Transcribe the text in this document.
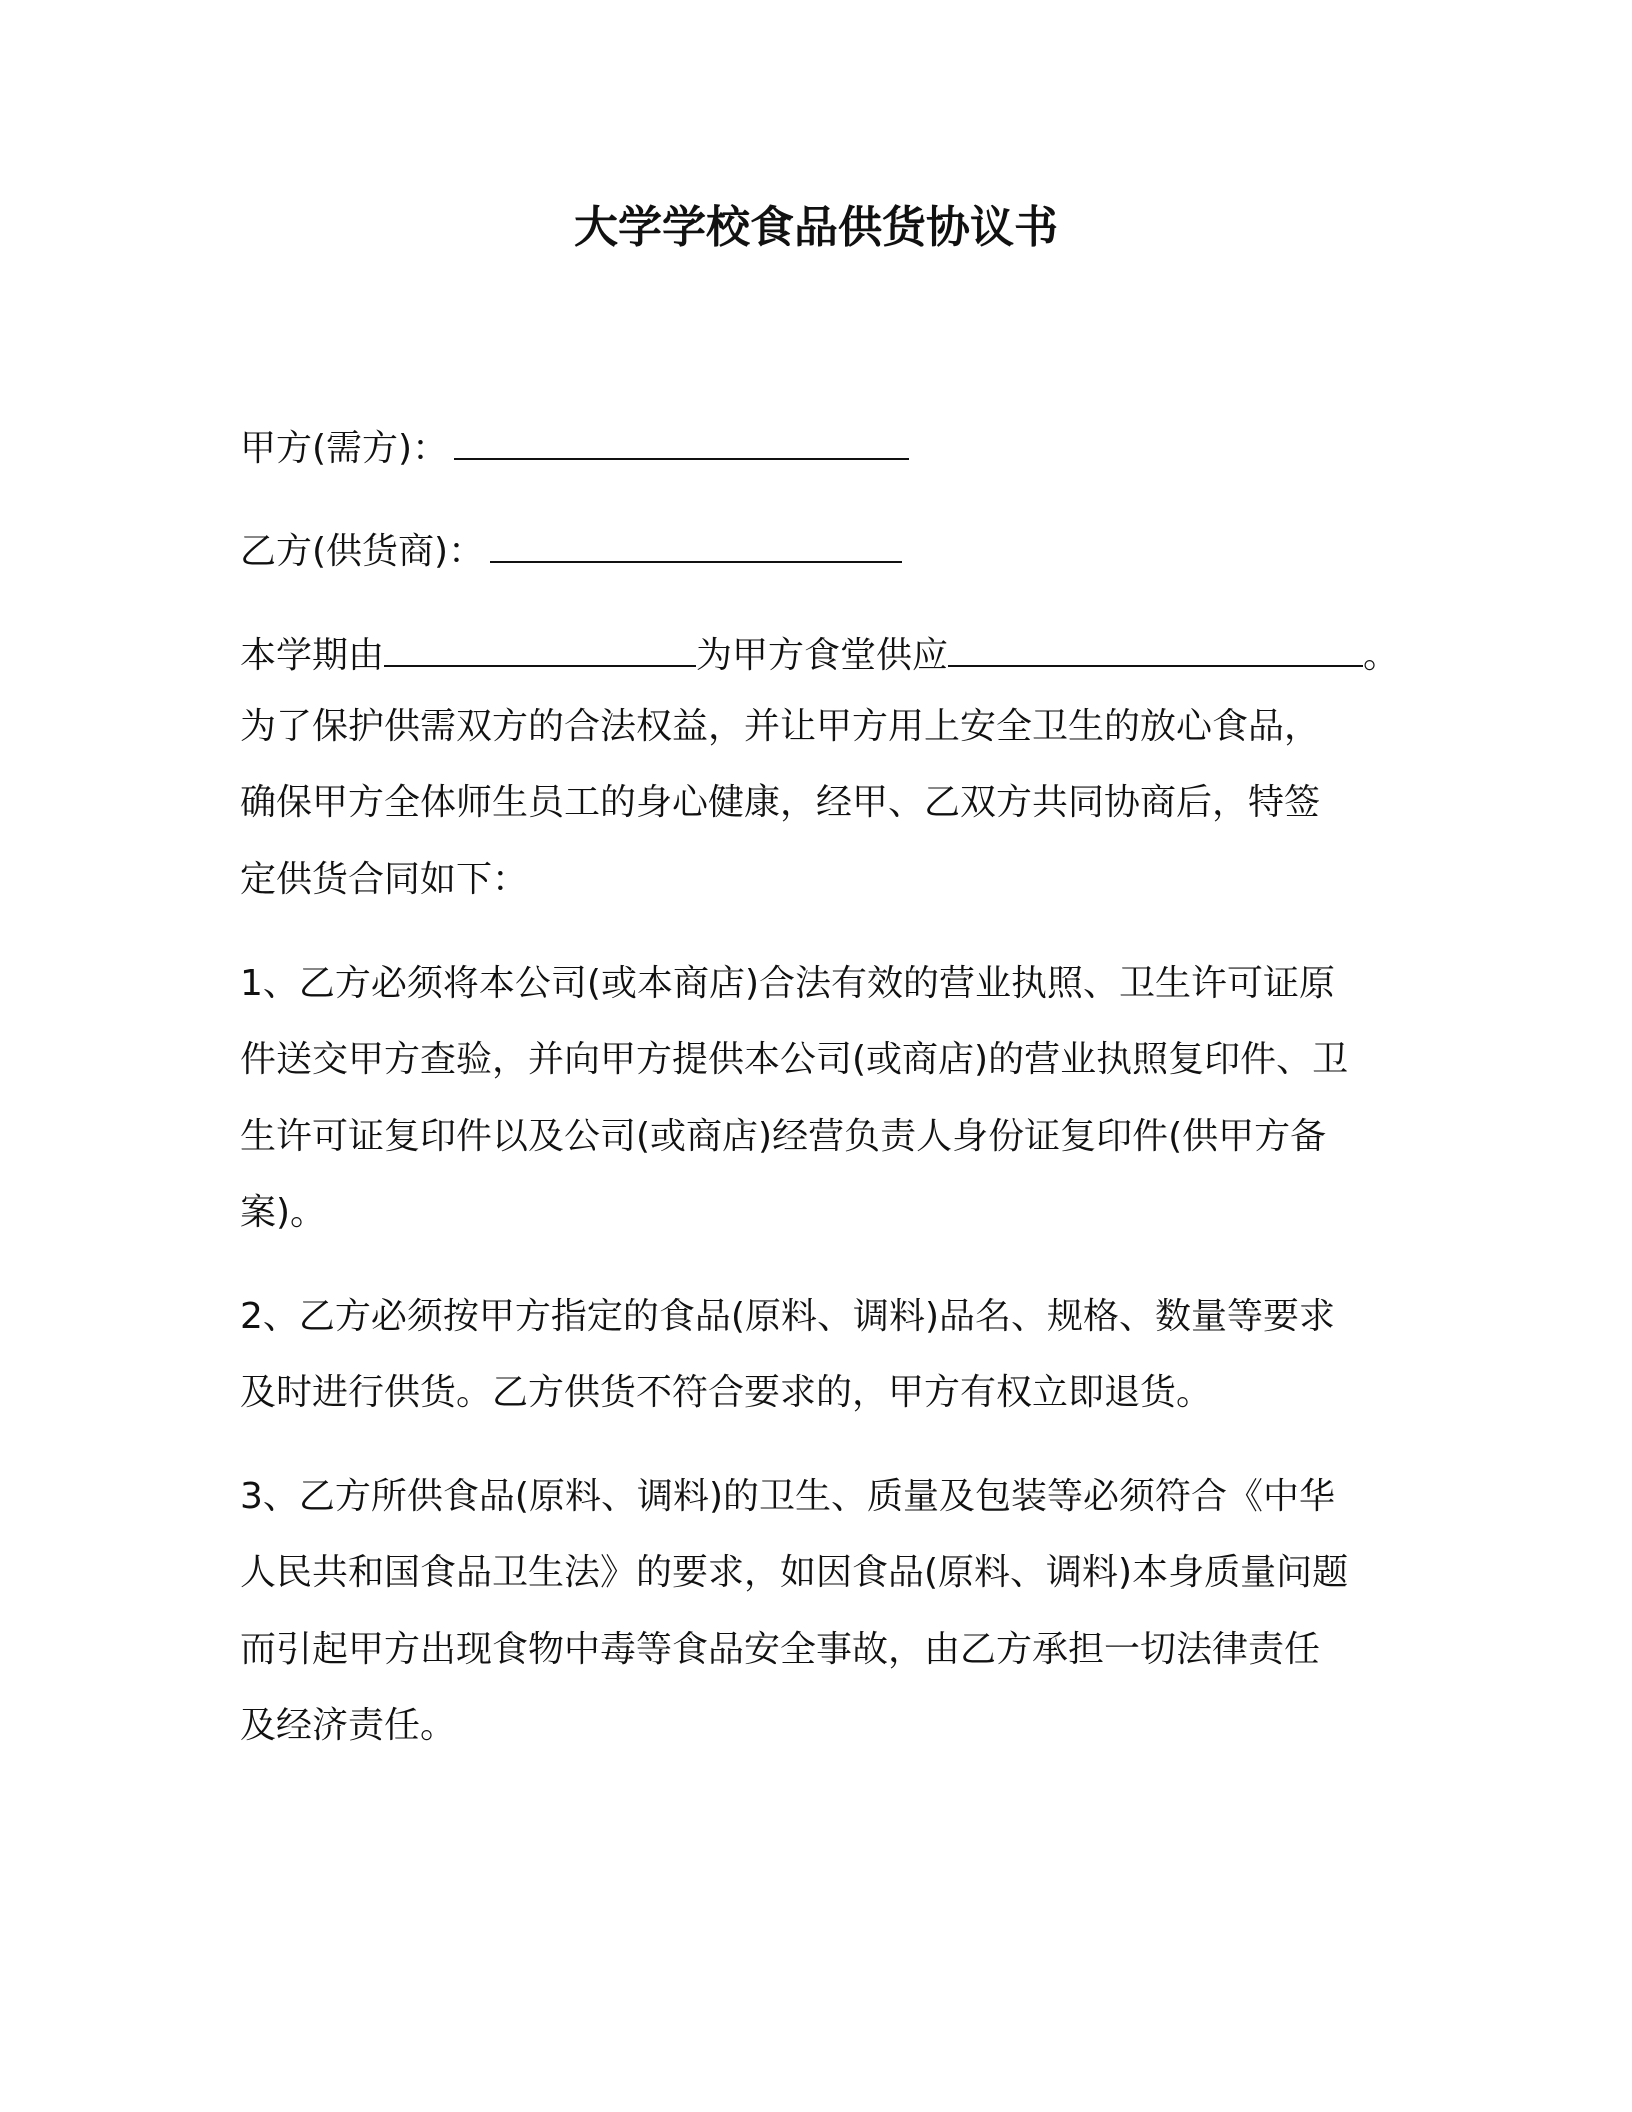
大学学校食品供货协议书
甲方(需方)：
乙方(供货商)：
本学期由	为甲方食堂供应	。
为了保护供需双方的合法权益，并让甲方用上安全卫生的放心食品，
确保甲方全体师生员工的身心健康，经甲、乙双方共同协商后，特签
定供货合同如下：
1、乙方必须将本公司(或本商店)合法有效的营业执照、卫生许可证原
件送交甲方查验，并向甲方提供本公司(或商店)的营业执照复印件、卫
生许可证复印件以及公司(或商店)经营负责人身份证复印件(供甲方备
案)。
2、乙方必须按甲方指定的食品(原料、调料)品名、规格、数量等要求
及时进行供货。乙方供货不符合要求的，甲方有权立即退货。
3、乙方所供食品(原料、调料)的卫生、质量及包装等必须符合《中华
人民共和国食品卫生法》的要求，如因食品(原料、调料)本身质量问题
而引起甲方出现食物中毒等食品安全事故，由乙方承担一切法律责任
及经济责任。
